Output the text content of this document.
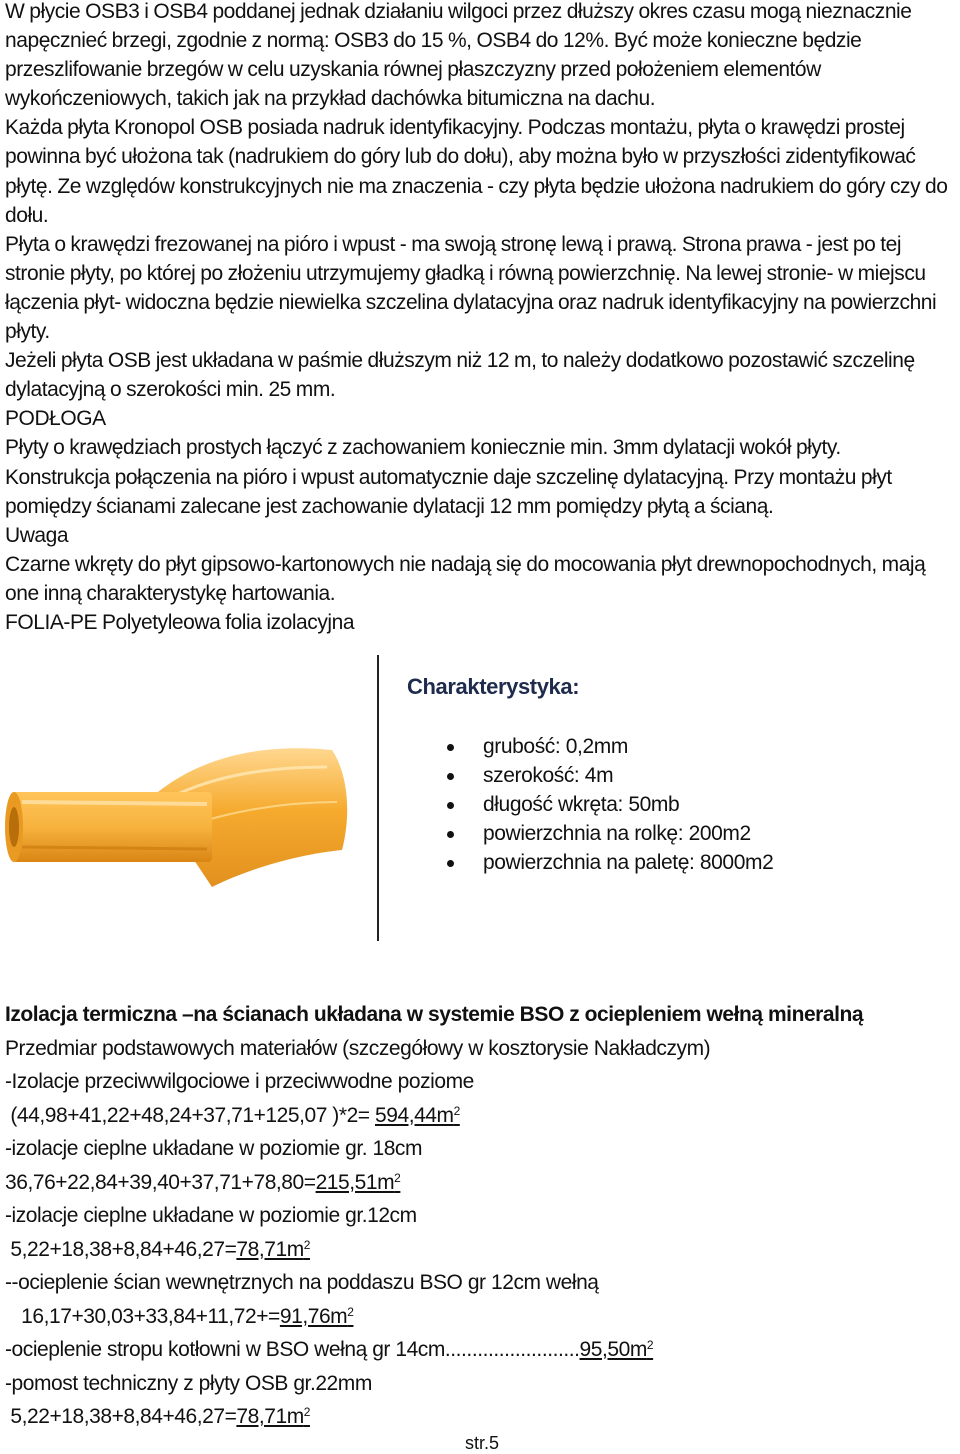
W płycie OSB3 i OSB4 poddanej jednak działaniu wilgoci przez dłuższy okres czasu mogą nieznacznie napęcznieć brzegi, zgodnie z normą: OSB3 do 15 %, OSB4 do 12%. Być może konieczne będzie przeszlifowanie brzegów w celu uzyskania równej płaszczyzny przed położeniem elementów wykończeniowych, takich jak na przykład dachówka bitumiczna na dachu.

Każda płyta Kronopol OSB posiada nadruk identyfikacyjny. Podczas montażu, płyta o krawędzi prostej powinna być ułożona tak (nadrukiem do góry lub do dołu), aby można było w przyszłości zidentyfikować płytę. Ze względów konstrukcyjnych nie ma znaczenia - czy płyta będzie ułożona nadrukiem do góry czy do dołu.

Płyta o krawędzi frezowanej na pióro i wpust - ma swoją stronę lewą i prawą. Strona prawa - jest po tej stronie płyty, po której po złożeniu utrzymujemy gładką i równą powierzchnię. Na lewej stronie- w miejscu łączenia płyt- widoczna będzie niewielka szczelina dylatacyjna oraz nadruk identyfikacyjny na powierzchni płyty.

Jeżeli płyta OSB jest układana w paśmie dłuższym niż 12 m, to należy dodatkowo pozostawić szczelinę dylatacyjną o szerokości min. 25 mm.

PODŁOGA

Płyty o krawędziach prostych łączyć z zachowaniem koniecznie min. 3mm dylatacji wokół płyty.

Konstrukcja połączenia na pióro i wpust automatycznie daje szczelinę dylatacyjną. Przy montażu płyt pomiędzy ścianami zalecane jest zachowanie dylatacji 12 mm pomiędzy płytą a ścianą.

Uwaga

Czarne wkręty do płyt gipsowo-kartonowych nie nadają się do mocowania płyt drewnopochodnych, mają one inną charakterystykę hartowania.

FOLIA-PE Polyetyleowa folia izolacyjna

Charakterystyka:
grubość: 0,2mm
szerokość: 4m
długość wkręta: 50mb
powierzchnia na rolkę: 200m2
powierzchnia na paletę: 8000m2

Izolacja termiczna –na ścianach układana w systemie BSO z ociepleniem wełną mineralną

Przedmiar podstawowych materiałów (szczegółowy w kosztorysie Nakładczym)

-Izolacje przeciwwilgociowe i przeciwwodne poziome

(44,98+41,22+48,24+37,71+125,07 )$*2= 594,44m^2$

-izolacje cieplne układane w poziomie gr. 18cm

$36,76+22,84+39,40+37,71+78,80=215,51m^2$

-izolacje cieplne układane w poziomie gr.12cm

$5,22+18,38+8,84+46,27=78,71m^2$

--ocieplenie ścian wewnętrznych na poddaszu BSO gr 12cm wełną

$16,17+30,03+33,84+11,72+=91,76m^2$

-ocieplenie stropu kotłowni w BSO wełną gr $14cm.........................95,50m^2$

-pomost techniczny z płyty OSB gr.22mm

$5,22+18,38+8,84+46,27=78,71m^2$

str.5
